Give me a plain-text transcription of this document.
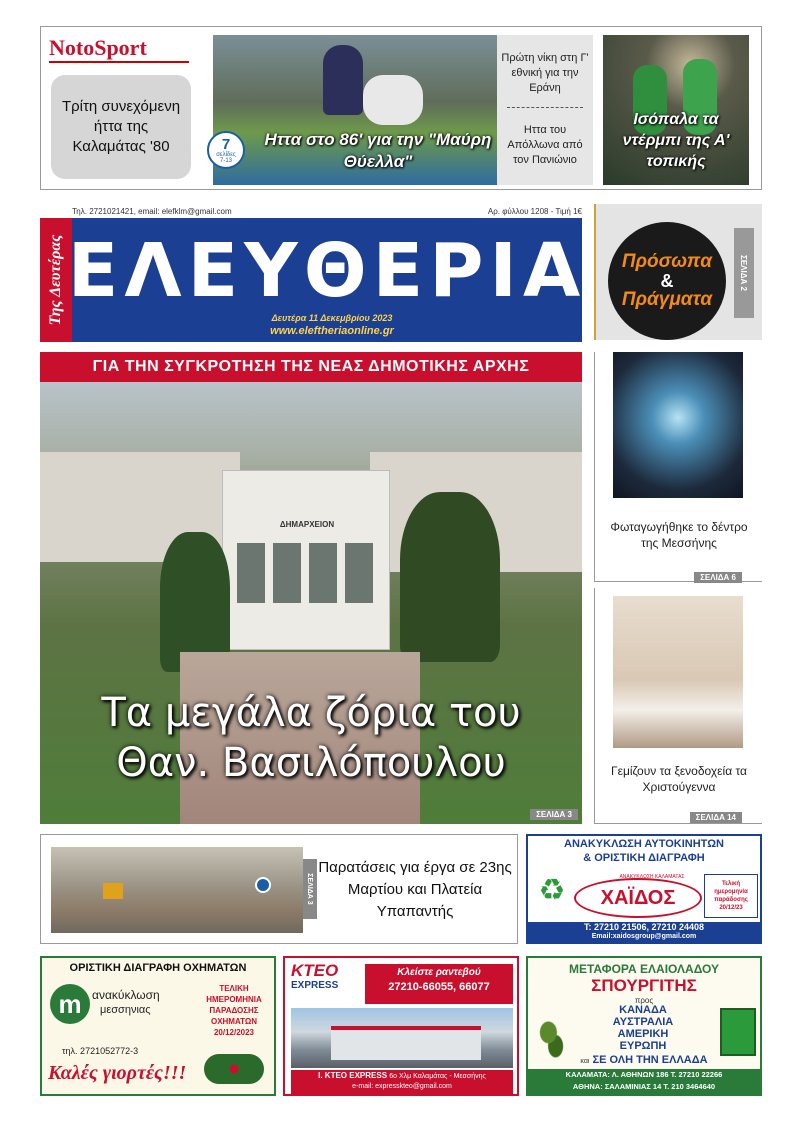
NotoSport
Τρίτη συνεχόμενη ήττα της Καλαμάτας '80	7
σελίδες
7-13
Ηττα στο 86' για την "Μαύρη Θύελλα"
Πρώτη νίκη στη Γ' εθνική για την Εράνη
Ηττα του Απόλλωνα από τον Πανιώνιο
Ισόπαλα τα ντέρμπι της Α' τοπικής
Τηλ. 2721021421, email: elefklm@gmail.com	Αρ. φύλλου 1208 - Τιμή 1€
Της Δευτέρας ΕΛΕΥΘΕΡΙΑ
Δευτέρα 11 Δεκεμβρίου 2023
www.eleftheriaonline.gr
Πρόσωπα
&
Πράγματα
ΣΕΛΙΔΑ 2
ΓΙΑ ΤΗΝ ΣΥΓΚΡΟΤΗΣΗ ΤΗΣ ΝΕΑΣ ΔΗΜΟΤΙΚΗΣ ΑΡΧΗΣ
ΔΗΜΑΡΧΕΙΟΝ
Τα μεγάλα ζόρια του Θαν. Βασιλόπουλου
ΣΕΛΙΔΑ 3
Φωταγωγήθηκε το δέντρο της Μεσσήνης
ΣΕΛΙΔΑ 6
Γεμίζουν τα ξενοδοχεία τα Χριστούγεννα
ΣΕΛΙΔΑ 14
ΣΕΛΙΔΑ 3
Παρατάσεις για έργα σε 23ης Μαρτίου και Πλατεία Υπαπαντής
ΑΝΑΚΥΚΛΩΣΗ ΑΥΤΟΚΙΝΗΤΩΝ
& ΟΡΙΣΤΙΚΗ ΔΙΑΓΡΑΦΗ
♻	ΑΝΑΚΥΚΛΩΣΗ ΚΑΛΑΜΑΤΑΣ
ΧΑΪΔΟΣ
Τελική ημερομηνία παράδοσης 20/12/23
Τ: 27210 21506, 27210 24408
Email:xaidosgroup@gmail.com
ΟΡΙΣΤΙΚΗ ΔΙΑΓΡΑΦΗ ΟΧΗΜΑΤΩΝ
m ανακύκλωση
μεσσηνιας
ΤΕΛΙΚΗ ΗΜΕΡΟΜΗΝΙΑ ΠΑΡΑΔΟΣΗΣ ΟΧΗΜΑΤΩΝ 20/12/2023
τηλ. 2721052772-3
Καλές γιορτές!!!
ΚΤΕΟ
EXPRESS
Κλείστε ραντεβού
27210-66055, 66077
I. KTEO EXPRESS 6ο Χλμ Καλαμάτας - Μεσσήνης
e-mail: expresskteo@gmail.com
ΜΕΤΑΦΟΡΑ ΕΛΑΙΟΛΑΔΟΥ
ΣΠΟΥΡΓΙΤΗΣ
προς
ΚΑΝΑΔΑ
ΑΥΣΤΡΑΛΙΑ
ΑΜΕΡΙΚΗ
ΕΥΡΩΠΗ
και ΣΕ ΟΛΗ ΤΗΝ ΕΛΛΑΔΑ
ΚΑΛΑΜΑΤΑ: Λ. ΑΘΗΝΩΝ 186 Τ. 27210 22266
ΑΘΗΝΑ: ΣΑΛΑΜΙΝΙΑΣ 14 Τ. 210 3464640
